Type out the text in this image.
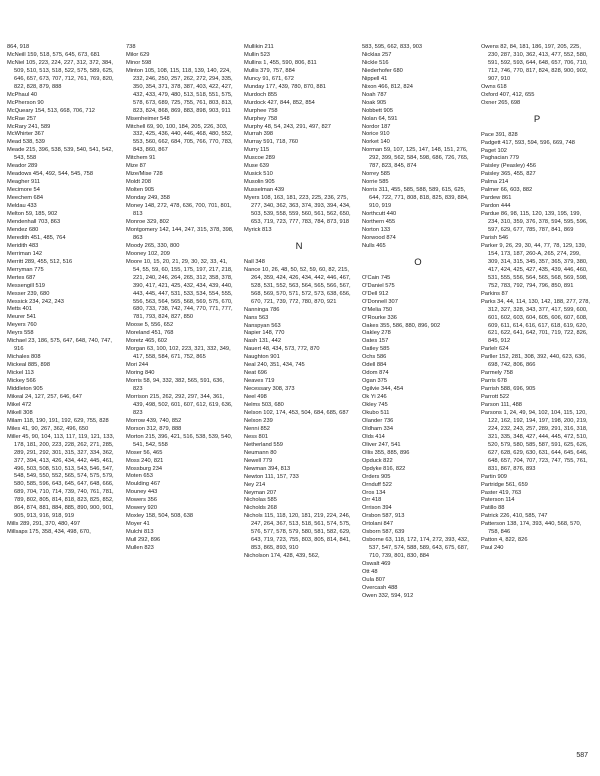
864, 918
McNeill 159, 518, 575, 645, 673, 681
McNiel 105, 223, 224, 227, 312, 372, 384, 509, 510, 513, 518, 522, 575, 589, 625, 646, 657, 673, 707, 712, 761, 769, 820, 822, 828, 879, 888
McPhaul 40
McPherson 90
McQueary 154, 513, 668, 706, 712
McRae 257
McRary 241, 589
McWhirter 367
Mead 538, 539
Meade 215, 396, 538, 539, 540, 541, 542, 543, 558
Meador 289
Meadows 454, 492, 544, 545, 758
Meagher 911
Mecimore 54
Meechem 684
Meldau 433
Melton 59, 185, 902
Mendenhall 703, 863
Mendez 680
Meredith 451, 485, 764
Meridith 483
Merriman 142
Merritt 289, 455, 512, 516
Merryman 775
Mertes 687
Messengill 519
Messer 239, 680
Messick 234, 242, 243
Metts 401
Meurer 541
Meyers 760
Meyrs 558
Michael 23, 186, 575, 647, 648, 740, 747, 916
Michales 808
Mickeal 885, 898
Mickel 113
Mickey 566
Middleton 905
Mikeal 24, 127, 257, 646, 647
Mikel 472
Mikell 308
Milam 118, 190, 191, 192, 629, 755, 828
Miles 41, 90, 267, 362, 496, 650
Miller 45, 90, 104, 113, 117, 119, 121, 133, 178, 181, 200, 223, 228, 262, 271, 285, 289, 291, 292, 301, 315, 327, 334, 362, 377, 394, 413, 426, 434, 442, 445, 461, 496, 503, 508, 510, 513, 543, 546, 547, 548, 549, 550, 552, 565, 574, 575, 579, 580, 585, 596, 643, 645, 647, 648, 666, 689, 704, 710, 714, 739, 740, 761, 781, 789, 802, 805, 814, 818, 823, 825, 852, 864, 874, 881, 884, 885, 890, 900, 901, 905, 913, 916, 918, 919
Mills 289, 291, 370, 480, 497
Millsaps 175, 358, 434, 498, 670,
738
Milor 629
Minor 598
Minton 105, 108, 115, 118, 139, 140, 224, 232, 246, 250, 257, 262, 272, 294, 335, 350, 354, 371, 378, 387, 403, 422, 427, 432, 433, 479, 480, 513, 518, 551, 575, 578, 673, 689, 725, 755, 761, 803, 813, 823, 824, 868, 869, 883, 898, 903, 911
Misenheimer 548
Mitchell 69, 90, 100, 184, 205, 226, 303, 332, 425, 436, 440, 446, 468, 480, 552, 553, 560, 662, 684, 705, 766, 770, 783, 843, 860, 867
Mitchem 91
Mize 87
Mize/Mise 728
Moldt 208
Molten 905
Monday 249, 358
Money 148, 272, 478, 636, 700, 701, 801, 813
Monroe 329, 802
Montgomery 142, 144, 247, 315, 378, 398, 863
Moody 265, 330, 800
Mooney 102, 209
Moore 10, 15, 20, 21, 29, 30, 32, 33, 41, 54, 55, 59, 60, 155, 175, 197, 217, 218, 221, 240, 246, 264, 265, 312, 358, 378, 390, 417, 421, 425, 432, 434, 439, 440, 443, 445, 447, 531, 533, 534, 554, 555, 556, 563, 564, 565, 568, 569, 575, 670, 680, 733, 738, 742, 744, 770, 771, 777, 781, 793, 824, 827, 850
Moose 5, 556, 652
Moreland 451, 768
Moretz 465, 602
Morgan 63, 100, 102, 223, 321, 332, 349, 417, 558, 584, 671, 752, 865
Mori 244
Moring 840
Morris 58, 94, 332, 382, 565, 591, 636, 823
Morrison 215, 262, 292, 297, 344, 361, 439, 498, 502, 601, 607, 612, 619, 636, 823
Morrow 439, 740, 852
Morson 312, 879, 888
Morton 215, 396, 421, 516, 538, 539, 540, 541, 542, 558
Moser 56, 465
Moss 240, 821
Mossburg 234
Moten 653
Moulding 467
Mouney 443
Mowers 356
Mowery 920
Moxley 158, 504, 508, 638
Moyer 41
Mulchi 813
Mull 292, 896
Mullen 823
Mullikin 211
Mullin 523
Mullins 1, 455, 590, 806, 811
Mullis 379, 757, 884
Muncy 91, 671, 672
Munday 177, 439, 780, 870, 881
Murdoch 855
Murdock 427, 844, 852, 854
Murphee 758
Murphey 758
Murphy 48, 54, 243, 291, 497, 827
Murrah 398
Murray 591, 718, 760
Murry 115
Muscoe 289
Muse 639
Musick 510
Musolin 905
Musselman 439
Myers 108, 163, 181, 223, 225, 236, 275, 277, 340, 362, 363, 374, 393, 394, 434, 503, 539, 558, 559, 560, 561, 562, 650, 653, 719, 723, 777, 783, 784, 873, 918
Myrick 813
N
Nall 348
Nance 10, 26, 48, 50, 52, 59, 60, 82, 215, 264, 359, 424, 426, 434, 442, 446, 467, 528, 531, 552, 563, 564, 565, 566, 567, 568, 569, 570, 571, 572, 573, 638, 656, 670, 721, 739, 772, 780, 870, 921
Nanninga 786
Nans 563
Nanspyan 563
Napier 148, 770
Nash 131, 442
Nauert 48, 434, 573, 772, 870
Naughton 901
Neal 240, 351, 434, 745
Neat 696
Neaves 719
Necessary 308, 373
Neel 498
Nelms 503, 680
Nelson 102, 174, 453, 504, 684, 685, 687
Nelxon 239
Nenni 852
Ness 801
Netherland 559
Neumann 80
Newell 779
Newman 394, 813
Newton 111, 157, 733
Ney 214
Neyman 207
Nicholas 585
Nicholds 268
Nichols 115, 118, 120, 181, 219, 224, 246, 247, 264, 367, 513, 518, 561, 574, 575, 576, 577, 578, 579, 580, 581, 582, 629, 643, 719, 723, 755, 803, 805, 814, 841, 853, 865, 893, 910
Nicholson 174, 428, 439, 562,
583, 595, 662, 833, 903
Nicklas 257
Nickle 516
Niederhofer 680
Nippell 41
Nixon 466, 812, 824
Noah 787
Noak 905
Nobbett 905
Nolan 64, 591
Nordor 187
Norice 910
Norket 140
Norman 59, 107, 125, 147, 148, 151, 276, 292, 399, 562, 584, 598, 686, 726, 765, 787, 823, 845, 874
Norrey 585
Norrie 585
Norris 311, 455, 585, 588, 589, 615, 625, 644, 722, 771, 808, 818, 825, 839, 884, 910, 919
Northcutt 440
Northern 455
Norton 133
Norwood 874
Nulls 465
O
O'Cain 745
O'Daniel 575
O'Dell 912
O'Donnell 307
O'Melia 750
O'Rourke 336
Oakes 355, 586, 880, 896, 902
Oakley 278
Oates 157
Oatley 585
Ochs 586
Odell 884
Odom 874
Ogan 375
Ogilvie 344, 454
Ok Yi 246
Okley 745
Okubo 511
Olander 736
Oldham 334
Olds 414
Oliver 247, 541
Ollis 355, 885, 896
Opduck 822
Opdyke 816, 822
Orders 905
Ornduff 522
Oros 134
Orr 418
Orrison 394
Orsbon 587, 913
Ortolani 847
Osborn 587, 639
Osborne 63, 118, 172, 174, 272, 393, 432, 537, 547, 574, 588, 589, 643, 675, 687, 710, 739, 801, 830, 884
Oswalt 469
Ott 48
Oula 807
Overcash 488
Owen 332, 594, 912
Owens 82, 84, 181, 186, 197, 205, 225, 230, 287, 310, 362, 413, 477, 552, 580, 591, 592, 593, 644, 648, 657, 706, 710, 712, 746, 770, 817, 824, 828, 900, 902, 907, 910
Owns 618
Oxford 407, 412, 655
Oxner 265, 698
P
Pace 391, 828
Padgett 417, 593, 594, 596, 669, 748
Paget 102
Paghacian 779
Paisley (Peasley) 456
Paisley 365, 455, 827
Palma 214
Palmer 66, 603, 882
Pardew 861
Pardon 444
Pardue 86, 98, 115, 120, 139, 195, 199, 234, 310, 359, 376, 378, 594, 595, 596, 597, 629, 677, 785, 787, 841, 869
Parish 546
Parker 9, 26, 29, 30, 44, 77, 78, 129, 139, 154, 173, 187, 260-A, 265, 274, 299, 309, 314, 315, 345, 357, 365, 379, 380, 417, 424, 425, 427, 435, 439, 446, 460, 531, 555, 556, 564, 565, 568, 569, 598, 752, 783, 792, 794, 796, 850, 891
Parkins 87
Parks 34, 44, 114, 130, 142, 188, 277, 278, 312, 327, 328, 343, 377, 417, 599, 600, 601, 602, 603, 604, 605, 606, 607, 608, 609, 611, 614, 616, 617, 618, 619, 620, 621, 622, 641, 642, 701, 719, 722, 826, 845, 912
Parlelr 624
Parller 152, 281, 308, 392, 440, 623, 636, 698, 742, 806, 866
Parmely 758
Parris 678
Parrish 588, 696, 905
Parrott 522
Parson 111, 488
Parsons 1, 24, 49, 94, 102, 104, 115, 120, 122, 162, 192, 194, 197, 198, 200, 219, 224, 232, 243, 257, 289, 291, 316, 318, 321, 335, 348, 427, 444, 445, 472, 510, 520, 579, 580, 585, 587, 591, 625, 626, 627, 628, 629, 630, 631, 644, 645, 646, 648, 657, 704, 707, 723, 747, 755, 761, 831, 867, 876, 893
Partin 909
Partridge 561, 659
Paster 419, 763
Paterson 114
Patillo 88
Patrick 226, 410, 585, 747
Patterson 138, 174, 393, 440, 568, 570, 758, 846
Patton 4, 822, 826
Paul 240
587
